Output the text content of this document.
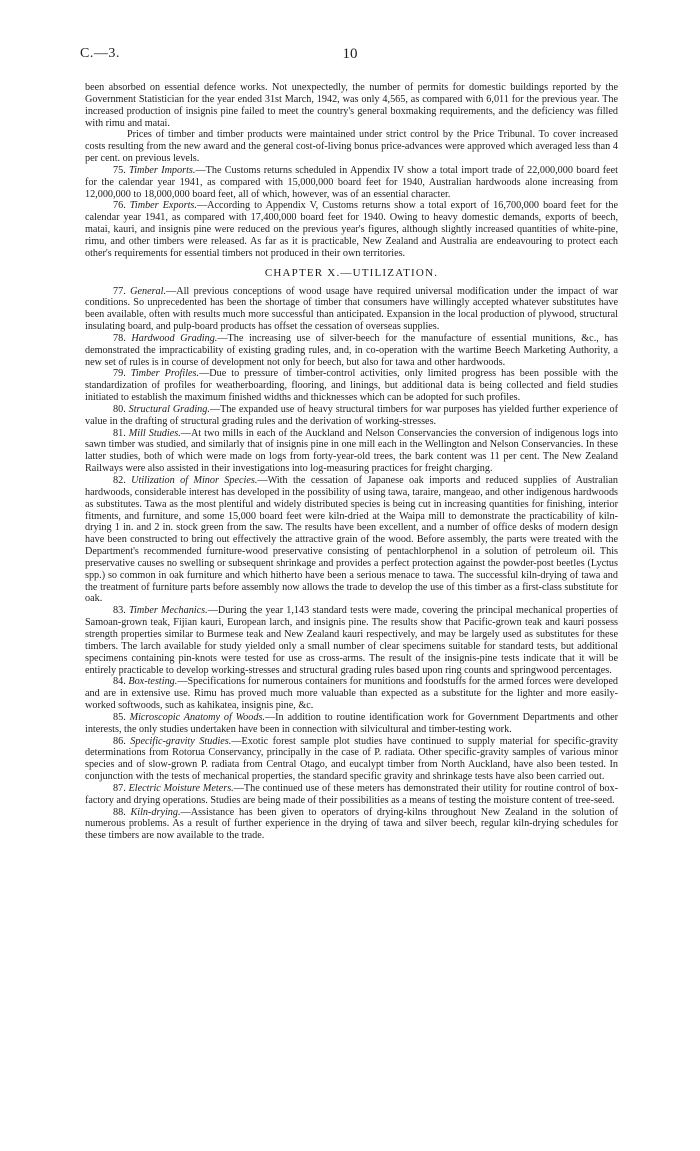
C.—3.	10

been absorbed on essential defence works. Not unexpectedly, the number of permits for domestic buildings reported by the Government Statistician for the year ended 31st March, 1942, was only 4,565, as compared with 6,011 for the previous year. The increased production of insignis pine failed to meet the country's general boxmaking requirements, and the deficiency was filled with rimu and matai.

Prices of timber and timber products were maintained under strict control by the Price Tribunal. To cover increased costs resulting from the new award and the general cost-of-living bonus price-advances were approved which averaged less than 4 per cent. on previous levels.

75. Timber Imports.—The Customs returns scheduled in Appendix IV show a total import trade of 22,000,000 board feet for the calendar year 1941, as compared with 15,000,000 board feet for 1940, Australian hardwoods alone increasing from 12,000,000 to 18,000,000 board feet, all of which, however, was of an essential character.

76. Timber Exports.—According to Appendix V, Customs returns show a total export of 16,700,000 board feet for the calendar year 1941, as compared with 17,400,000 board feet for 1940. Owing to heavy domestic demands, exports of beech, matai, kauri, and insignis pine were reduced on the previous year's figures, although slightly increased quantities of white-pine, rimu, and other timbers were released. As far as it is practicable, New Zealand and Australia are endeavouring to protect each other's requirements for essential timbers not produced in their own territories.

CHAPTER X.—UTILIZATION.

77. General.—All previous conceptions of wood usage have required universal modification under the impact of war conditions. So unprecedented has been the shortage of timber that consumers have willingly accepted whatever substitutes have been available, often with results much more successful than anticipated. Expansion in the local production of plywood, structural insulating board, and pulp-board products has offset the cessation of overseas supplies.

78. Hardwood Grading.—The increasing use of silver-beech for the manufacture of essential munitions, &c., has demonstrated the impracticability of existing grading rules, and, in co-operation with the wartime Beech Marketing Authority, a new set of rules is in course of development not only for beech, but also for tawa and other hardwoods.

79. Timber Profiles.—Due to pressure of timber-control activities, only limited progress has been possible with the standardization of profiles for weatherboarding, flooring, and linings, but additional data is being collected and field studies initiated to establish the maximum finished widths and thicknesses which can be adopted for such profiles.

80. Structural Grading.—The expanded use of heavy structural timbers for war purposes has yielded further experience of value in the drafting of structural grading rules and the derivation of working-stresses.

81. Mill Studies.—At two mills in each of the Auckland and Nelson Conservancies the conversion of indigenous logs into sawn timber was studied, and similarly that of insignis pine in one mill each in the Wellington and Nelson Conservancies. In these latter studies, both of which were made on logs from forty-year-old trees, the bark content was 11 per cent. The New Zealand Railways were also assisted in their investigations into log-measuring practices for freight charging.

82. Utilization of Minor Species.—With the cessation of Japanese oak imports and reduced supplies of Australian hardwoods, considerable interest has developed in the possibility of using tawa, taraire, mangeao, and other indigenous hardwoods as substitutes. Tawa as the most plentiful and widely distributed species is being cut in increasing quantities for finishing, interior fitments, and furniture, and some 15,000 board feet were kiln-dried at the Waipa mill to demonstrate the practicability of kiln-drying 1 in. and 2 in. stock green from the saw. The results have been excellent, and a number of office desks of modern design have been constructed to bring out effectively the attractive grain of the wood. Before assembly, the parts were treated with the Department's recommended furniture-wood preservative consisting of pentachlorphenol in a solution of petroleum oil. This preservative causes no swelling or subsequent shrinkage and provides a perfect protection against the powder-post beetles (Lyctus spp.) so common in oak furniture and which hitherto have been a serious menace to tawa. The successful kiln-drying of tawa and the treatment of furniture parts before assembly now allows the trade to develop the use of this timber as a first-class substitute for oak.

83. Timber Mechanics.—During the year 1,143 standard tests were made, covering the principal mechanical properties of Samoan-grown teak, Fijian kauri, European larch, and insignis pine. The results show that Pacific-grown teak and kauri possess strength properties similar to Burmese teak and New Zealand kauri respectively, and may be largely used as substitutes for these timbers. The larch available for study yielded only a small number of clear specimens suitable for standard tests, but additional specimens containing pin-knots were tested for use as cross-arms. The result of the insignis-pine tests indicate that it will be entirely practicable to develop working-stresses and structural grading rules based upon ring counts and springwood percentages.

84. Box-testing.—Specifications for numerous containers for munitions and foodstuffs for the armed forces were developed and are in extensive use. Rimu has proved much more valuable than expected as a substitute for the lighter and more easily-worked softwoods, such as kahikatea, insignis pine, &c.

85. Microscopic Anatomy of Woods.—In addition to routine identification work for Government Departments and other interests, the only studies undertaken have been in connection with silvicultural and timber-testing work.

86. Specific-gravity Studies.—Exotic forest sample plot studies have continued to supply material for specific-gravity determinations from Rotorua Conservancy, principally in the case of P. radiata. Other specific-gravity samples of various minor species and of slow-grown P. radiata from Central Otago, and eucalypt timber from North Auckland, have also been tested. In conjunction with the tests of mechanical properties, the standard specific gravity and shrinkage tests have also been carried out.

87. Electric Moisture Meters.—The continued use of these meters has demonstrated their utility for routine control of box-factory and drying operations. Studies are being made of their possibilities as a means of testing the moisture content of tree-seed.

88. Kiln-drying.—Assistance has been given to operators of drying-kilns throughout New Zealand in the solution of numerous problems. As a result of further experience in the drying of tawa and silver beech, regular kiln-drying schedules for these timbers are now available to the trade.
